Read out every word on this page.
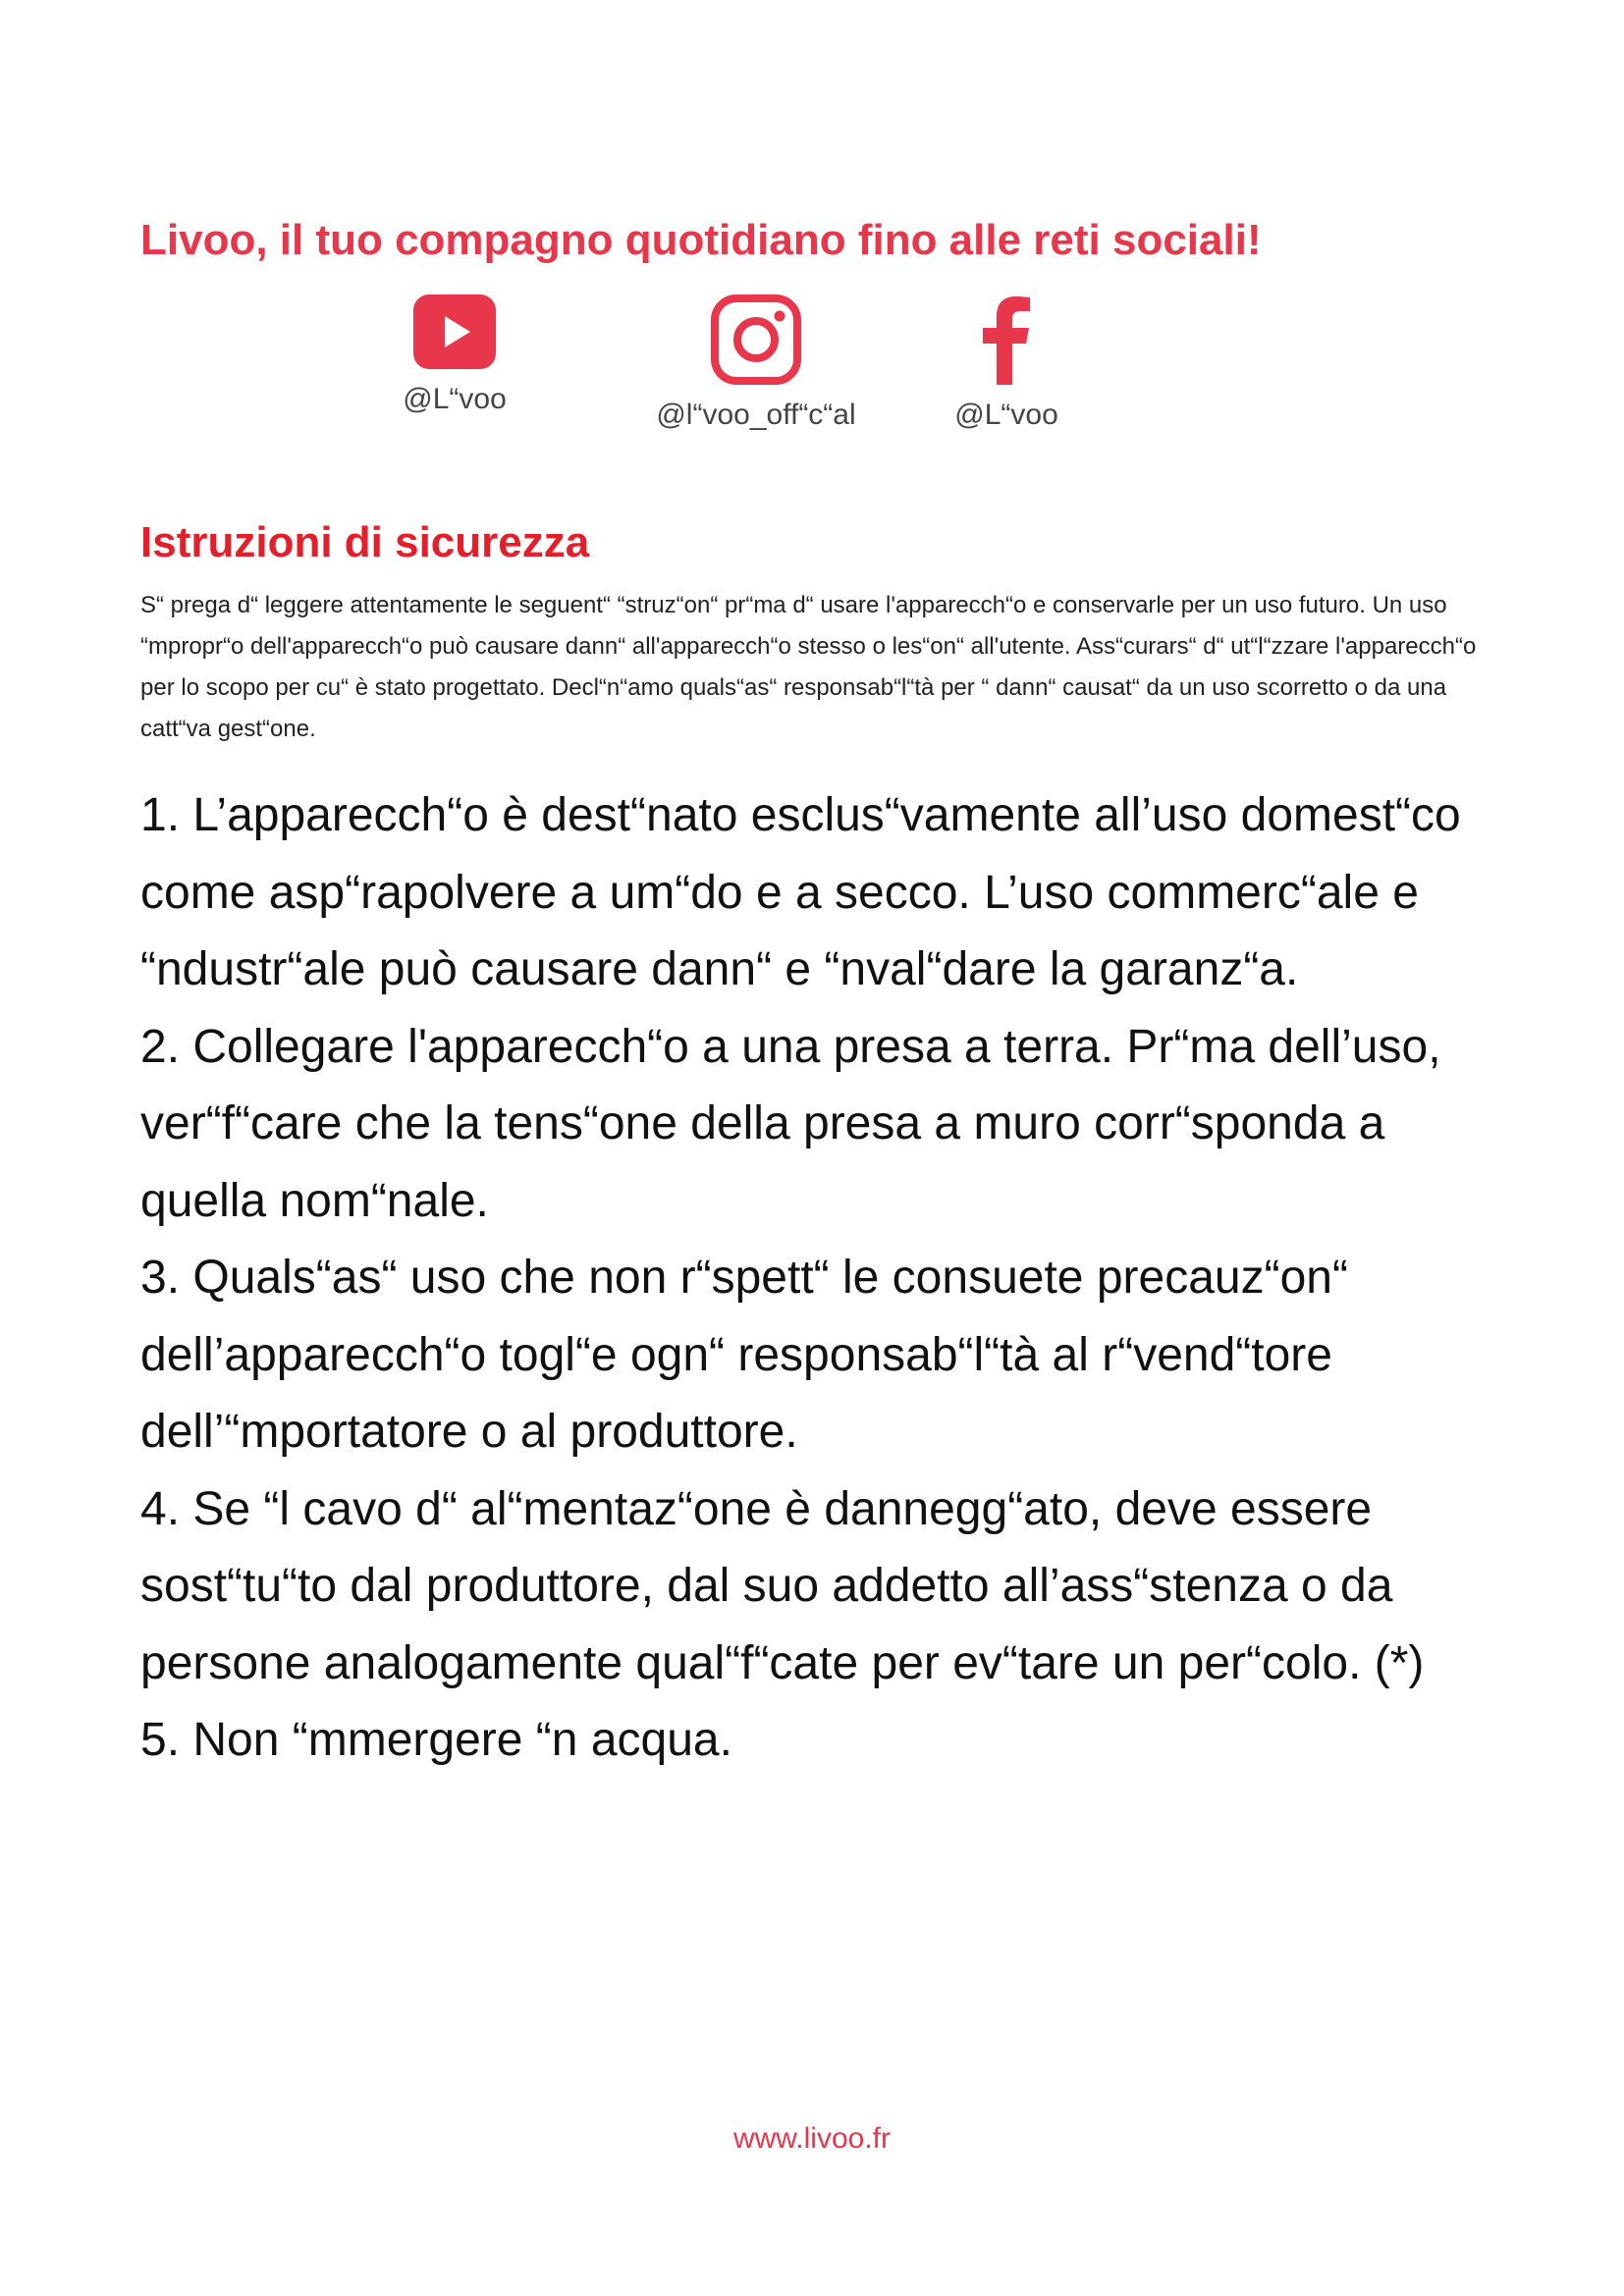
Livoo, il tuo compagno quotidiano fino alle reti sociali!
@L“voo	@l“voo_off“c“al	@L“voo
Istruzioni di sicurezza

S“ prega d“ leggere attentamente le seguent“ “struz“on“ pr“ma d“ usare l'apparecch“o e conservarle per un uso futuro. Un uso “mpropr“o dell'apparecch“o può causare dann“ all'apparecch“o stesso o les“on“ all'utente. Ass“curars“ d“ ut“l“zzare l'apparecch“o per lo scopo per cu“ è stato progettato. Decl“n“amo quals“as“ responsab“l“tà per “ dann“ causat“ da un uso scorretto o da una catt“va gest“one.

1. L’apparecch“o è dest“nato esclus“vamente all’uso domest“co come asp“rapolvere a um“do e a secco. L’uso commerc“ale e “ndustr“ale può causare dann“ e “nval“dare la garanz“a.
2. Collegare l'apparecch“o a una presa a terra. Pr“ma dell’uso, ver“f“care che la tens“one della presa a muro corr“sponda a quella nom“nale.
3. Quals“as“ uso che non r“spett“ le consuete precauz“on“ dell’apparecch“o togl“e ogn“ responsab“l“tà al r“vend“tore dell’“mportatore o al produttore.
4. Se “l cavo d“ al“mentaz“one è dannegg“ato, deve essere sost“tu“to dal produttore, dal suo addetto all’ass“stenza o da persone analogamente qual“f“cate per ev“tare un per“colo. (*)
5. Non “mmergere “n acqua.
www.livoo.fr
